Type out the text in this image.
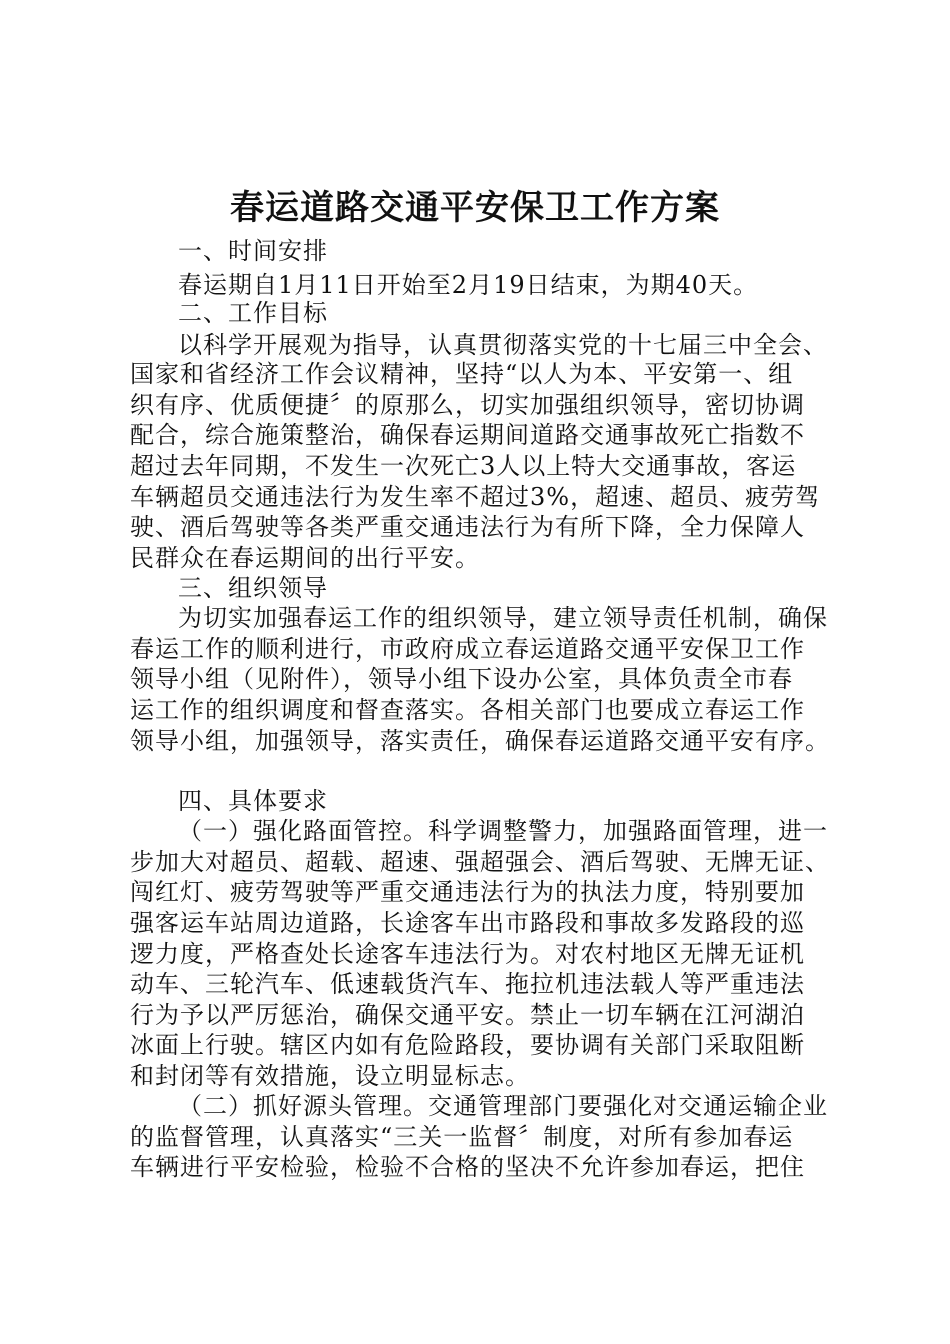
春运道路交通平安保卫工作方案
一、时间安排
春运期自1月11日开始至2月19日结束，为期40天。
二、工作目标
以科学开展观为指导，认真贯彻落实党的十七届三中全会、
国家和省经济工作会议精神，坚持“以人为本、平安第一、组
织有序、优质便捷〞的原那么，切实加强组织领导，密切协调
配合，综合施策整治，确保春运期间道路交通事故死亡指数不
超过去年同期，不发生一次死亡3人以上特大交通事故，客运
车辆超员交通违法行为发生率不超过3%，超速、超员、疲劳驾
驶、酒后驾驶等各类严重交通违法行为有所下降，全力保障人
民群众在春运期间的出行平安。
三、组织领导
为切实加强春运工作的组织领导，建立领导责任机制，确保
春运工作的顺利进行，市政府成立春运道路交通平安保卫工作
领导小组（见附件），领导小组下设办公室，具体负责全市春
运工作的组织调度和督查落实。各相关部门也要成立春运工作
领导小组，加强领导，落实责任，确保春运道路交通平安有序。
四、具体要求
（一）强化路面管控。科学调整警力，加强路面管理，进一
步加大对超员、超载、超速、强超强会、酒后驾驶、无牌无证、
闯红灯、疲劳驾驶等严重交通违法行为的执法力度，特别要加
强客运车站周边道路，长途客车出市路段和事故多发路段的巡
逻力度，严格查处长途客车违法行为。对农村地区无牌无证机
动车、三轮汽车、低速载货汽车、拖拉机违法载人等严重违法
行为予以严厉惩治，确保交通平安。禁止一切车辆在江河湖泊
冰面上行驶。辖区内如有危险路段，要协调有关部门采取阻断
和封闭等有效措施，设立明显标志。
（二）抓好源头管理。交通管理部门要强化对交通运输企业
的监督管理，认真落实“三关一监督〞制度，对所有参加春运
车辆进行平安检验，检验不合格的坚决不允许参加春运，把住
